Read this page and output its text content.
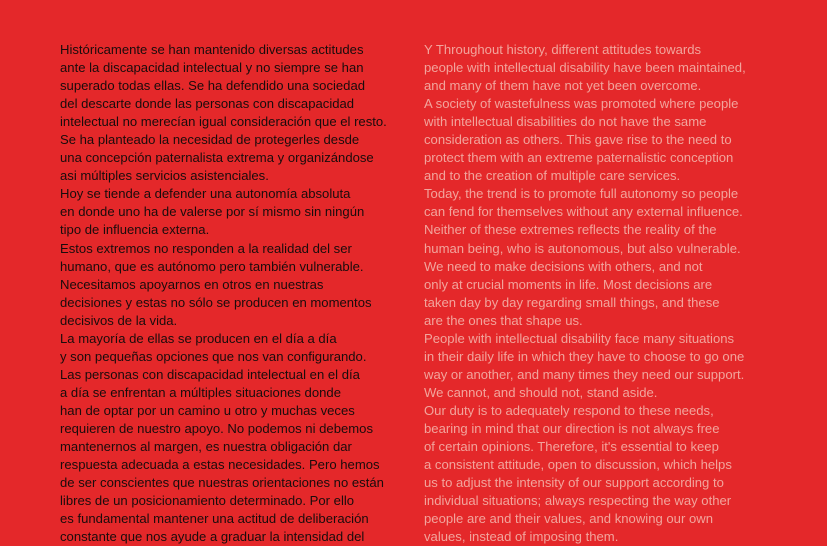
Históricamente se han mantenido diversas actitudes
ante la discapacidad intelectual y no siempre se han
superado todas ellas. Se ha defendido una sociedad
del descarte donde las personas con discapacidad
intelectual no merecían igual consideración que el resto.
Se ha planteado la necesidad de protegerles desde
una concepción paternalista extrema y organizándose
asi múltiples servicios asistenciales.
Hoy se tiende a defender una autonomía absoluta
en donde uno ha de valerse por sí mismo sin ningún
tipo de influencia externa.
Estos extremos no responden a la realidad del ser
humano, que es autónomo pero también vulnerable.
Necesitamos apoyarnos en otros en nuestras
decisiones y estas no sólo se producen en momentos
decisivos de la vida.
La mayoría de ellas se producen en el día a día
y son pequeñas opciones que nos van configurando.
Las personas con discapacidad intelectual en el día
a día se enfrentan a múltiples situaciones donde
han de optar por un camino u otro y muchas veces
requieren de nuestro apoyo. No podemos ni debemos
mantenernos al margen, es nuestra obligación dar
respuesta adecuada a estas necesidades. Pero hemos
de ser conscientes que nuestras orientaciones no están
libres de un posicionamiento determinado. Por ello
es fundamental mantener una actitud de deliberación
constante que nos ayude a graduar la intensidad del
Y Throughout history, different attitudes towards
people with intellectual disability have been maintained,
and many of them have not yet been overcome.
A society of wastefulness was promoted where people
with intellectual disabilities do not have the same
consideration as others. This gave rise to the need to
protect them with an extreme paternalistic conception
and to the creation of multiple care services.
Today, the trend is to promote full autonomy so people
can fend for themselves without any external influence.
Neither of these extremes reflects the reality of the
human being, who is autonomous, but also vulnerable.
We need to make decisions with others, and not
only at crucial moments in life. Most decisions are
taken day by day regarding small things, and these
are the ones that shape us.
People with intellectual disability face many situations
in their daily life in which they have to choose to go one
way or another, and many times they need our support.
We cannot, and should not, stand aside.
Our duty is to adequately respond to these needs,
bearing in mind that our direction is not always free
of certain opinions. Therefore, it's essential to keep
a consistent attitude, open to discussion, which helps
us to adjust the intensity of our support according to
individual situations; always respecting the way other
people are and their values, and knowing our own
values, instead of imposing them.
